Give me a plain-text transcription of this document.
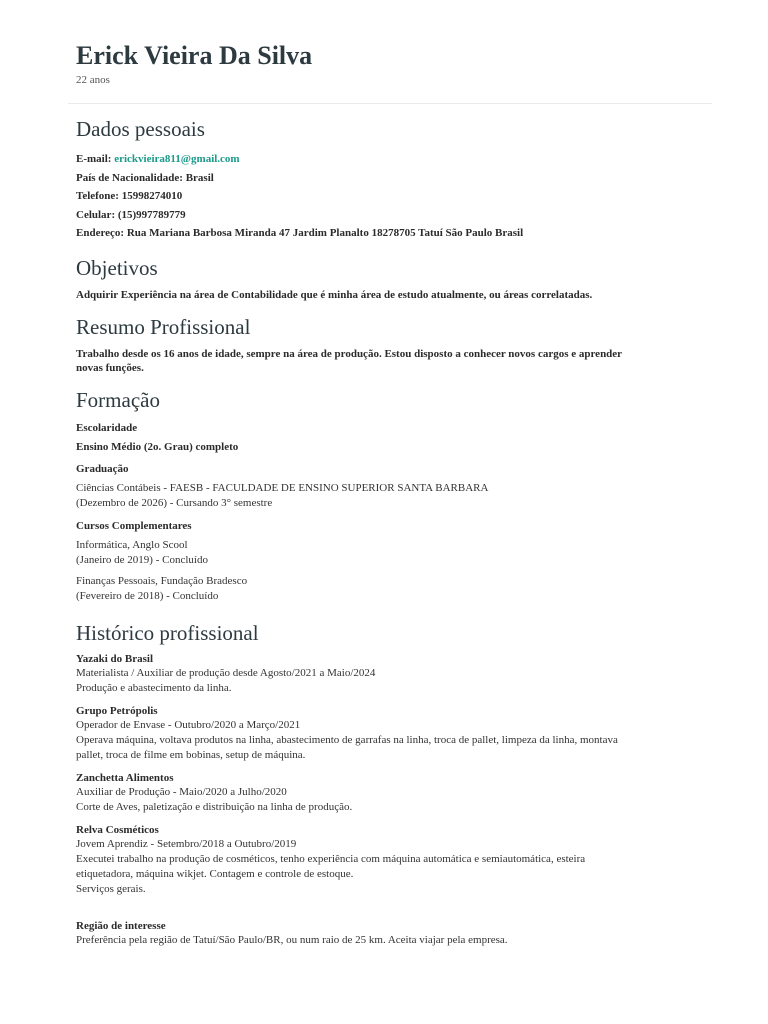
Erick Vieira Da Silva
22 anos
Dados pessoais
E-mail: erickvieira811@gmail.com
País de Nacionalidade: Brasil
Telefone: 15998274010
Celular: (15)997789779
Endereço: Rua Mariana Barbosa Miranda 47 Jardim Planalto 18278705 Tatuí São Paulo Brasil
Objetivos
Adquirir Experiência na área de Contabilidade que é minha área de estudo atualmente, ou áreas correlatadas.
Resumo Profissional
Trabalho desde os 16 anos de idade, sempre na área de produção. Estou disposto a conhecer novos cargos e aprender
novas funções.
Formação
Escolaridade
Ensino Médio (2o. Grau) completo
Graduação
Ciências Contábeis - FAESB - FACULDADE DE ENSINO SUPERIOR SANTA BARBARA
(Dezembro de 2026) - Cursando 3° semestre
Cursos Complementares
Informática, Anglo Scool
(Janeiro de 2019) - Concluído
Finanças Pessoais, Fundação Bradesco
(Fevereiro de 2018) - Concluído
Histórico profissional
Yazaki do Brasil
Materialista / Auxiliar de produção desde Agosto/2021 a Maio/2024
Produção e abastecimento da linha.
Grupo Petrópolis
Operador de Envase - Outubro/2020 a Março/2021
Operava máquina, voltava produtos na linha, abastecimento de garrafas na linha, troca de pallet, limpeza da linha, montava
pallet, troca de filme em bobinas, setup de máquina.
Zanchetta Alimentos
Auxiliar de Produção - Maio/2020 a Julho/2020
Corte de Aves, paletização e distribuição na linha de produção.
Relva Cosméticos
Jovem Aprendiz - Setembro/2018 a Outubro/2019
Executei trabalho na produção de cosméticos, tenho experiência com máquina automática e semiautomática, esteira
etiquetadora, máquina wikjet. Contagem e controle de estoque.
Serviços gerais.
Região de interesse
Preferência pela região de Tatuí/São Paulo/BR, ou num raio de 25 km. Aceita viajar pela empresa.
